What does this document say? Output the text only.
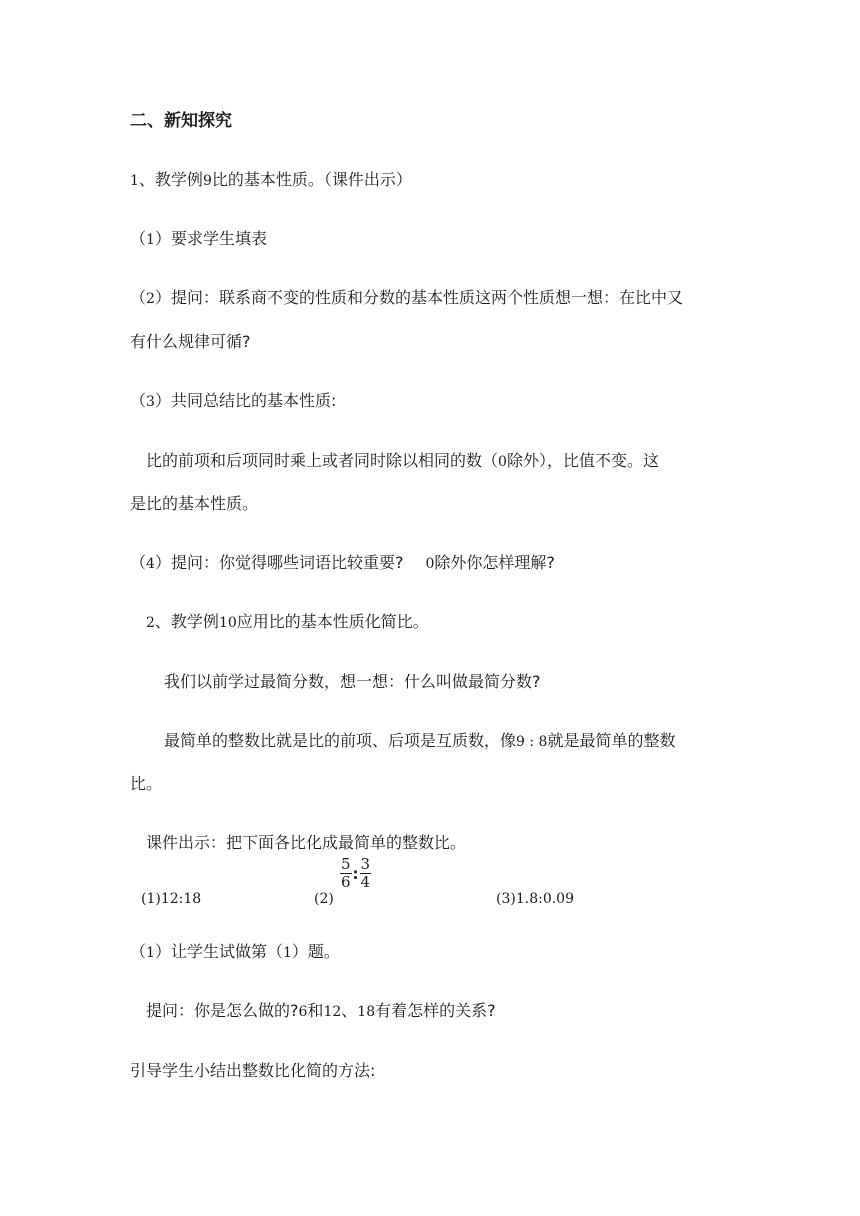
二、新知探究
1、教学例9比的基本性质。（课件出示）
（1）要求学生填表
（2）提问：联系商不变的性质和分数的基本性质这两个性质想一想：在比中又
有什么规律可循?
（3）共同总结比的基本性质:
比的前项和后项同时乘上或者同时除以相同的数（0除外），比值不变。这
是比的基本性质。
（4）提问：你觉得哪些词语比较重要? 0除外你怎样理解?
2、教学例10应用比的基本性质化简比。
我们以前学过最简分数，想一想：什么叫做最简分数?
最简单的整数比就是比的前项、后项是互质数，像9 : 8就是最简单的整数
比。
课件出示：把下面各比化成最简单的整数比。
(1)12:18	(2)
$\frac{5}{6}$ : $\frac{3}{4}$
(3)1.8:0.09
（1）让学生试做第（1）题。
提问：你是怎么做的?6和12、18有着怎样的关系?
引导学生小结出整数比化简的方法:
